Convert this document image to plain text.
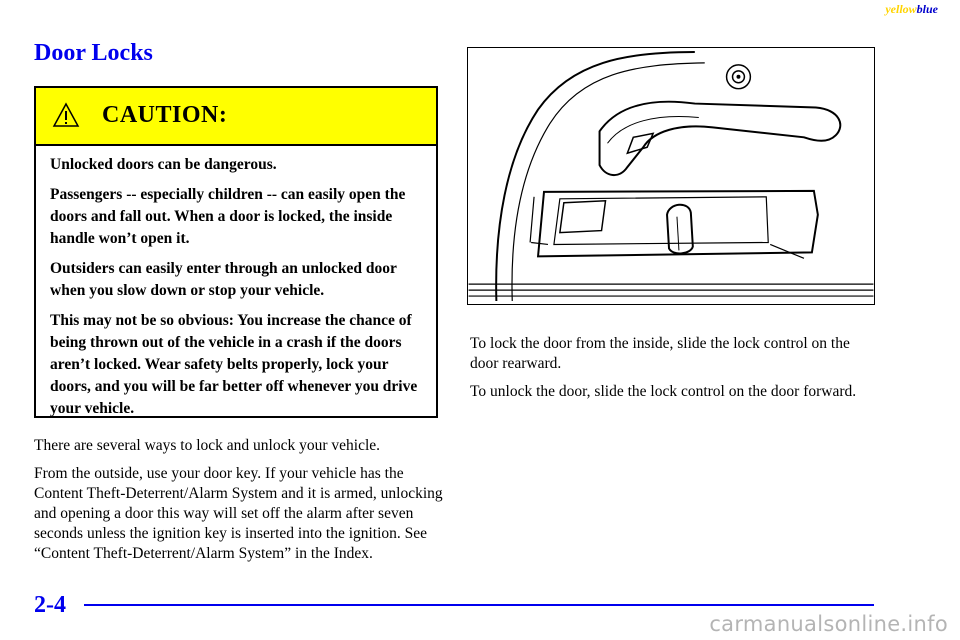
yellowblue
Door Locks
CAUTION:

Unlocked doors can be dangerous.

Passengers -- especially children -- can easily open the doors and fall out. When a door is locked, the inside handle won’t open it.

Outsiders can easily enter through an unlocked door when you slow down or stop your vehicle.

This may not be so obvious: You increase the chance of being thrown out of the vehicle in a crash if the doors aren’t locked. Wear safety belts properly, lock your doors, and you will be far better off whenever you drive your vehicle.

There are several ways to lock and unlock your vehicle.

From the outside, use your door key. If your vehicle has the Content Theft-Deterrent/Alarm System and it is armed, unlocking and opening a door this way will set off the alarm after seven seconds unless the ignition key is inserted into the ignition. See “Content Theft-Deterrent/Alarm System” in the Index.

To lock the door from the inside, slide the lock control on the door rearward.

To unlock the door, slide the lock control on the door forward.

2-4
carmanualsonline.info
